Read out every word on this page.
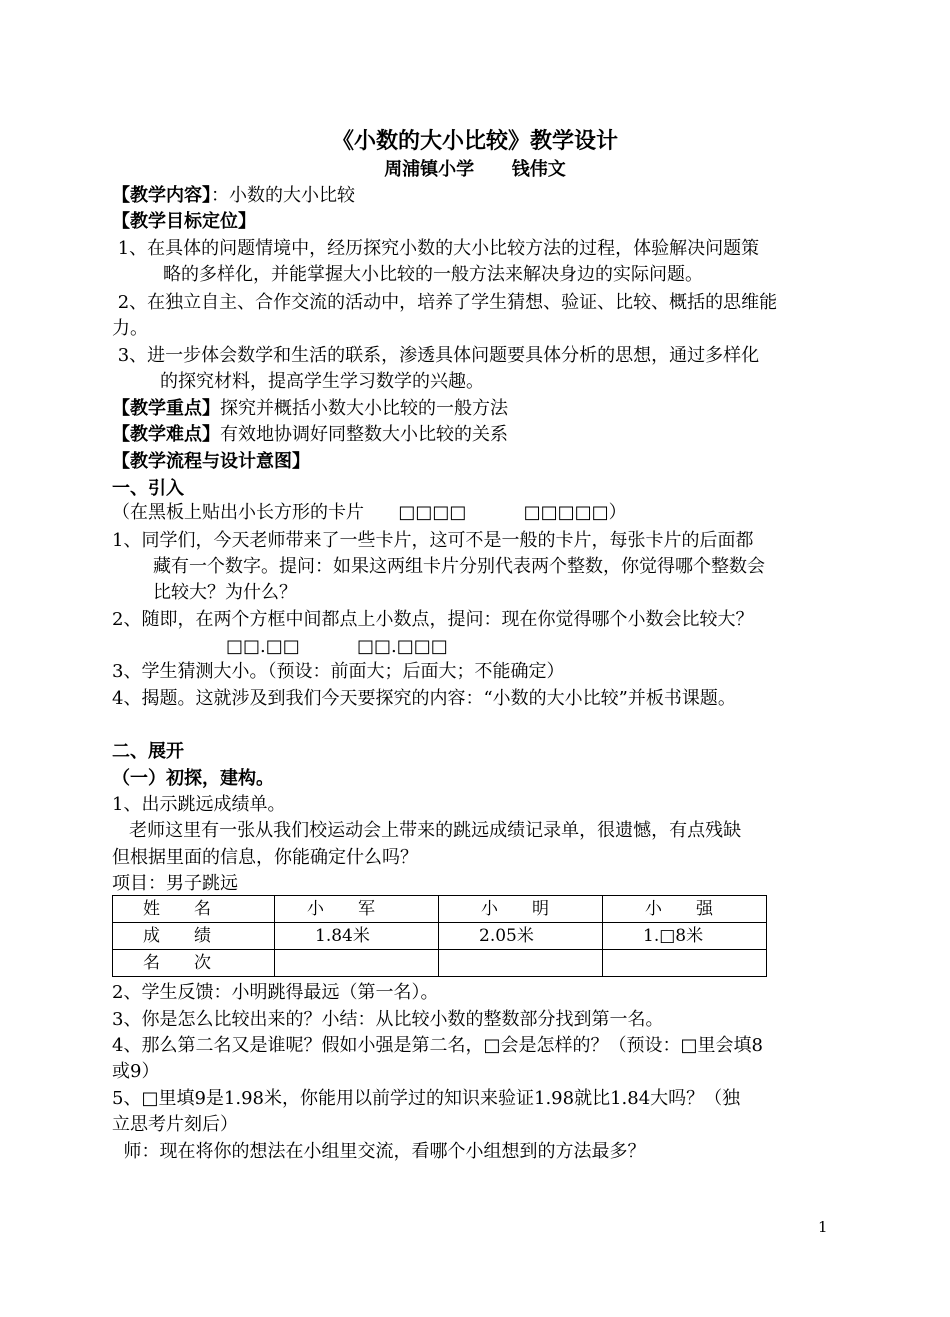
《小数的大小比较》教学设计
周浦镇小学      钱伟文
【教学内容】：小数的大小比较
【教学目标定位】
1、在具体的问题情境中，经历探究小数的大小比较方法的过程，体验解决问题策
略的多样化，并能掌握大小比较的一般方法来解决身边的实际问题。
2、在独立自主、合作交流的活动中，培养了学生猜想、验证、比较、概括的思维能
力。
3、进一步体会数学和生活的联系，渗透具体问题要具体分析的思想，通过多样化
的探究材料，提高学生学习数学的兴趣。
【教学重点】探究并概括小数大小比较的一般方法
【教学难点】有效地协调好同整数大小比较的关系
【教学流程与设计意图】
一、引入
（在黑板上贴出小长方形的卡片      □□□□          □□□□□）
1、同学们，今天老师带来了一些卡片，这可不是一般的卡片，每张卡片的后面都
藏有一个数字。提问：如果这两组卡片分别代表两个整数，你觉得哪个整数会
比较大？为什么？
2、随即，在两个方框中间都点上小数点，提问：现在你觉得哪个小数会比较大？
□□.□□          □□.□□□
3、学生猜测大小。（预设：前面大；后面大；不能确定）
4、揭题。这就涉及到我们今天要探究的内容：“小数的大小比较”并板书课题。
二、展开
（一）初探，建构。
1、出示跳远成绩单。
老师这里有一张从我们校运动会上带来的跳远成绩记录单，很遗憾，有点残缺
但根据里面的信息，你能确定什么吗？
项目：男子跳远
姓　　名	小　　军	小　　明	小　　强
成　　绩	1.84米	2.05米	1.□8米
名　　次			
2、学生反馈：小明跳得最远（第一名）。
3、你是怎么比较出来的？小结：从比较小数的整数部分找到第一名。
4、那么第二名又是谁呢？假如小强是第二名，□会是怎样的？（预设：□里会填8
或9）
5、□里填9是1.98米，你能用以前学过的知识来验证1.98就比1.84大吗？（独
立思考片刻后）
师：现在将你的想法在小组里交流，看哪个小组想到的方法最多？
1
